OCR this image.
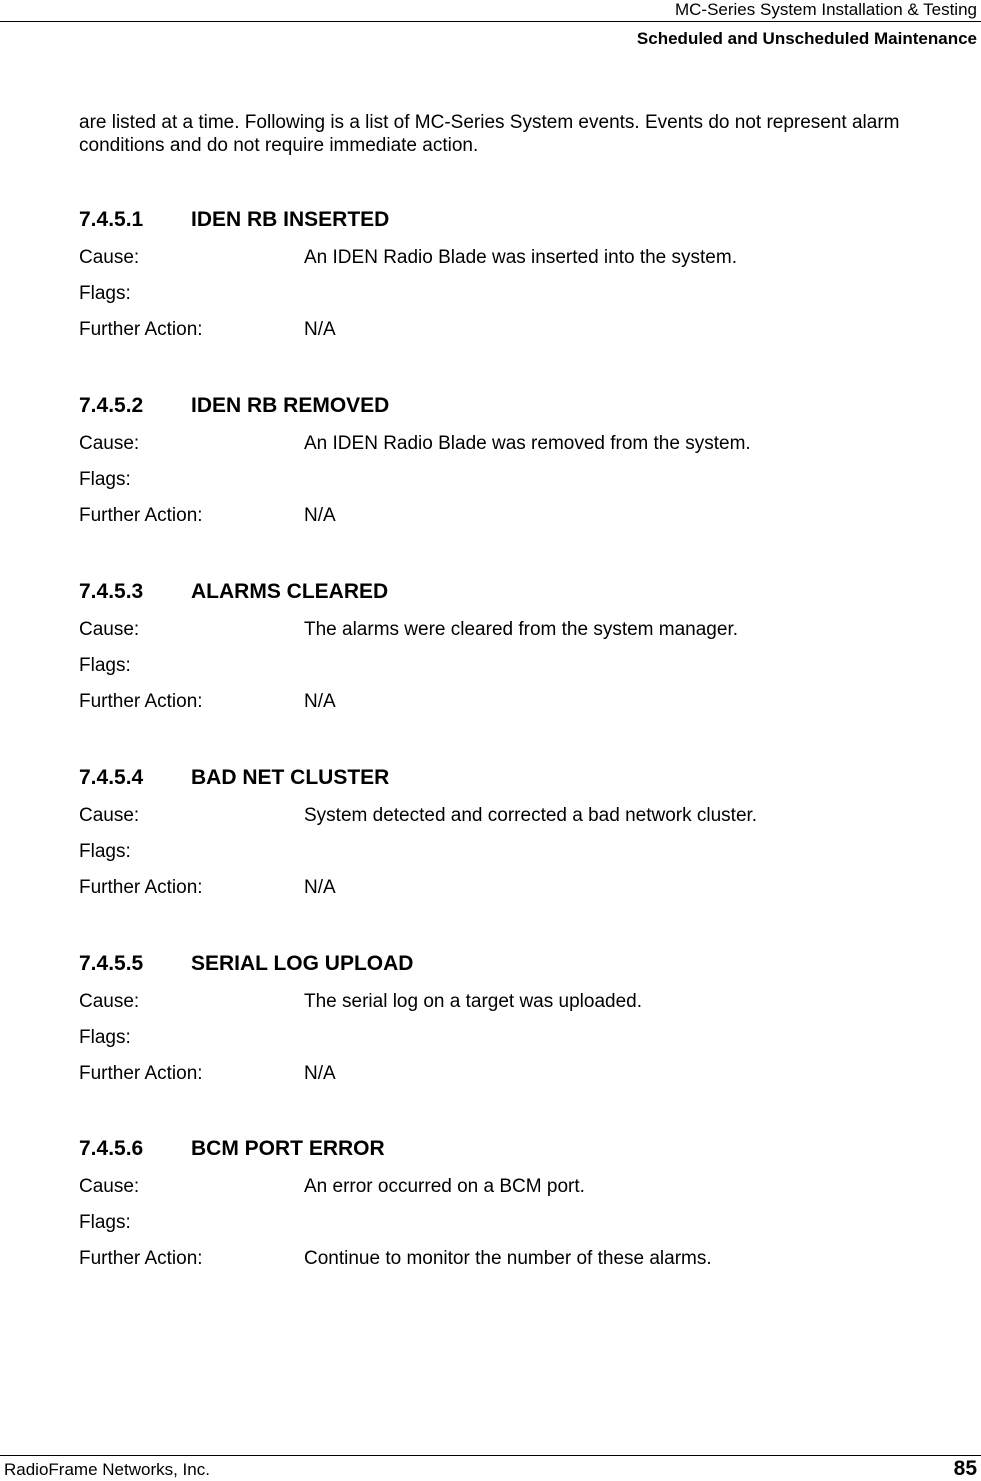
MC-Series System Installation & Testing
Scheduled and Unscheduled Maintenance
are listed at a time. Following is a list of MC-Series System events. Events do not represent alarm conditions and do not require immediate action.
7.4.5.1 IDEN RB INSERTED
Cause:	An IDEN Radio Blade was inserted into the system.
Flags:
Further Action:	N/A
7.4.5.2 IDEN RB REMOVED
Cause:	An IDEN Radio Blade was removed from the system.
Flags:
Further Action:	N/A
7.4.5.3 ALARMS CLEARED
Cause:	The alarms were cleared from the system manager.
Flags:
Further Action:	N/A
7.4.5.4 BAD NET CLUSTER
Cause:	System detected and corrected a bad network cluster.
Flags:
Further Action:	N/A
7.4.5.5 SERIAL LOG UPLOAD
Cause:	The serial log on a target was uploaded.
Flags:
Further Action:	N/A
7.4.5.6 BCM PORT ERROR
Cause:	An error occurred on a BCM port.
Flags:
Further Action:	Continue to monitor the number of these alarms.
RadioFrame Networks, Inc.	85
